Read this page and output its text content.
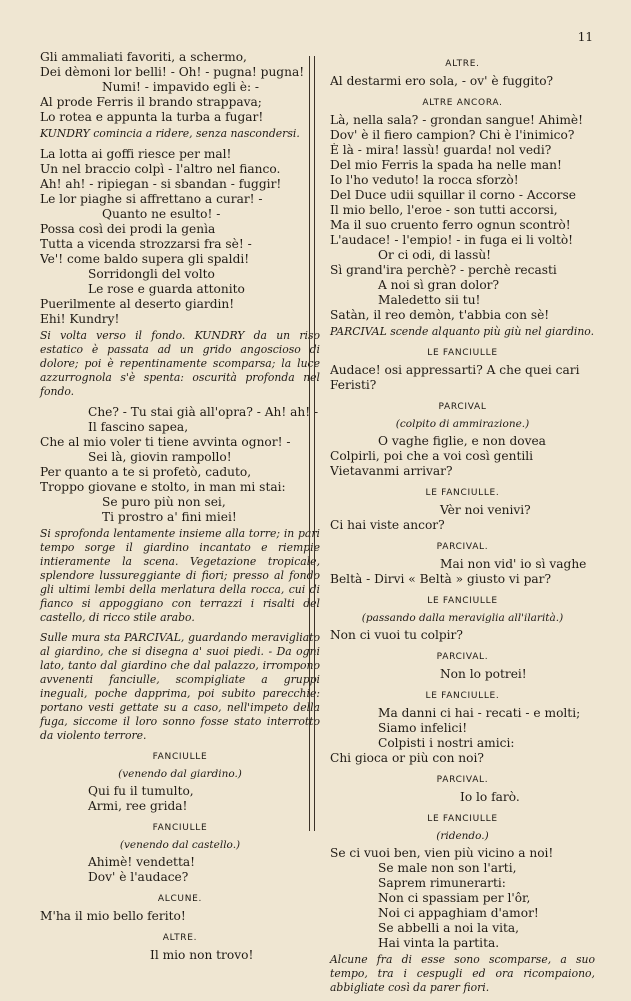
11
Gli ammaliati favoriti, a schermo,
Dei dèmoni lor belli! - Oh! - pugna! pugna!
Numi! - impavido egli è: -
Al prode Ferris il brando strappava;
Lo rotea e appunta la turba a fugar!
KUNDRY comincia a ridere, senza nascondersi.
La lotta ai goffi riesce per mal!
Un nel braccio colpì - l'altro nel fianco.
Ah! ah! - ripiegan - si sbandan - fuggir!
Le lor piaghe si affrettano a curar! -
Quanto ne esulto! -
Possa così dei prodi la genìa
Tutta a vicenda strozzarsi fra sè! -
Ve'! come baldo supera gli spaldi!
Sorridongli del volto
Le rose e guarda attonito
Puerilmente al deserto giardin!
Ehi! Kundry!
Si volta verso il fondo. KUNDRY da un riso estatico è passata ad un grido angoscioso di dolore; poi è repentinamente scomparsa; la luce azzurrognola s'è spenta: oscurità profonda nel fondo.
Che? - Tu stai già all'opra? - Ah! ah! -
Il fascino sapea,
Che al mio voler ti tiene avvinta ognor! -
Sei là, giovin rampollo!
Per quanto a te si profetò, caduto,
Troppo giovane e stolto, in man mi stai:
Se puro più non sei,
Ti prostro a' fini miei!
Si sprofonda lentamente insieme alla torre; in pari tempo sorge il giardino incantato e riempie intieramente la scena. Vegetazione tropicale, splendore lussureggiante di fiori; presso al fondo gli ultimi lembi della merlatura della rocca, cui di fianco si appoggiano con terrazzi i risalti del castello, di ricco stile arabo.
Sulle mura sta PARCIVAL, guardando meravigliato al giardino, che si disegna a' suoi piedi. - Da ogni lato, tanto dal giardino che dal palazzo, irrompono avvenenti fanciulle, scompigliate a gruppi ineguali, poche dapprima, poi subito parecchie: portano vesti gettate su a caso, nell'impeto della fuga, siccome il loro sonno fosse stato interrotto da violento terrore.
FANCIULLE
(venendo dal giardino.)
Qui fu il tumulto,
Armi, ree grida!
FANCIULLE
(venendo dal castello.)
Ahimè! vendetta!
Dov' è l'audace?
ALCUNE.
M'ha il mio bello ferito!
ALTRE.
Il mio non trovo!
ALTRE.
Al destarmi ero sola, - ov' è fuggito?
ALTRE ANCORA.
Là, nella sala? - grondan sangue! Ahimè!
Dov' è il fiero campion? Chi è l'inimico?
È là - mira! lassù! guarda! nol vedi?
Del mio Ferris la spada ha nelle man!
Io l'ho veduto! la rocca sforzò!
Del Duce udii squillar il corno - Accorse
Il mio bello, l'eroe - son tutti accorsi,
Ma il suo cruento ferro ognun scontrò!
L'audace! - l'empio! - in fuga ei li voltò!
Or ci odi, di lassù!
Sì grand'ira perchè? - perchè recasti
A noi sì gran dolor?
Maledetto sii tu!
Satàn, il reo demòn, t'abbia con sè!
PARCIVAL scende alquanto più giù nel giardino.
LE FANCIULLE
Audace! osi appressarti? A che quei cari
Feristi?
PARCIVAL
(colpito di ammirazione.)
O vaghe figlie, e non dovea
Colpirli, poi che a voi così gentili
Vietavanmi arrivar?
LE FANCIULLE.
Vèr noi venivi?
Ci hai viste ancor?
PARCIVAL.
Mai non vid' io sì vaghe
Beltà - Dirvi « Beltà » giusto vi par?
LE FANCIULLE
(passando dalla meraviglia all'ilarità.)
Non ci vuoi tu colpir?
PARCIVAL.
Non lo potrei!
LE FANCIULLE.
Ma danni ci hai - recati - e molti;
Siamo infelici!
Colpisti i nostri amici:
Chi gioca or più con noi?
PARCIVAL.
Io lo farò.
LE FANCIULLE
(ridendo.)
Se ci vuoi ben, vien più vicino a noi!
Se male non son l'arti,
Saprem rimunerarti:
Non ci spassiam per l'ôr,
Noi ci appaghiam d'amor!
Se abbelli a noi la vita,
Hai vinta la partita.
Alcune fra di esse sono scomparse, a suo tempo, tra i cespugli ed ora ricompaiono, abbigliate così da parer fiori.
